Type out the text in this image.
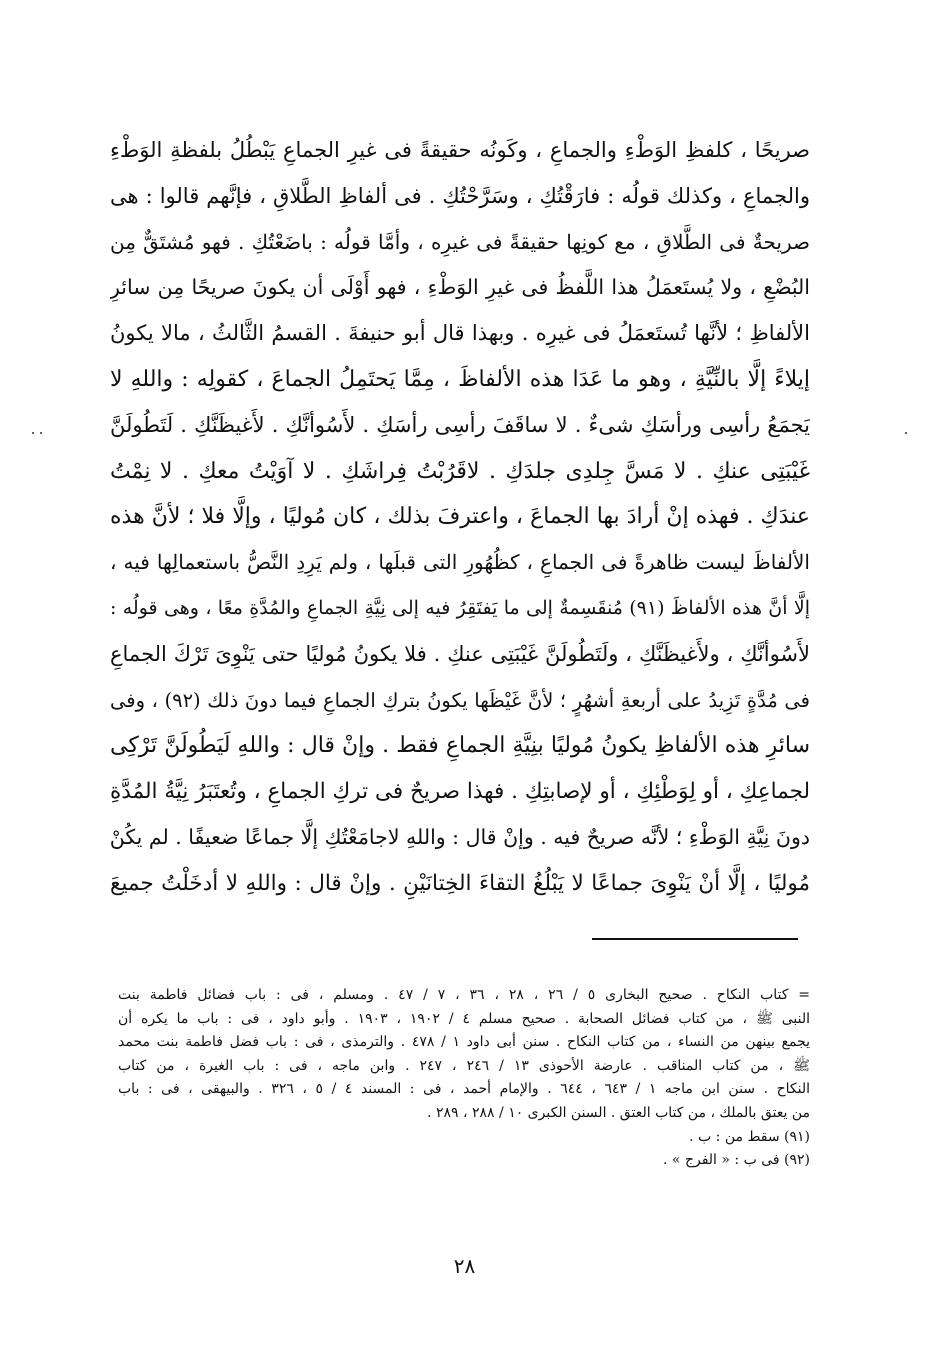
صريحًا ، كلفظِ الوَطْءِ والجماعِ ، وكَونُه حقيقةً فى غيرِ الجماعِ يَبْطُلُ بلفظةِ الوَطْءِ
والجماعِ ، وكذلك قولُه : فارَقْتُكِ ، وسَرَّحْتُكِ . فى ألفاظِ الطَّلاقِ ، فإنَّهم قالوا : هى
صريحةٌ فى الطَّلاقِ ، مع كونِها حقيقةً فى غيرِه ، وأمَّا قولُه : باضَعْتُكِ . فهو مُشتَقٌّ مِن
البُضْعِ ، ولا يُستَعمَلُ هذا اللَّفظُ فى غيرِ الوَطْءِ ، فهو أَوْلَى أن يكونَ صريحًا مِن سائرِ
الألفاظِ ؛ لأنَّها تُستَعمَلُ فى غيرِه . وبهذا قال أبو حنيفةَ . القسمُ الثَّالثُ ، مالا يكونُ
إيلاءً إلَّا بالنِّيَّةِ ، وهو ما عَدَا هذه الألفاظَ ، مِمَّا يَحتَمِلُ الجماعَ ، كقولِه : واللهِ لا
يَجمَعُ رأسِى ورأسَكِ شىءٌ . لا ساقَفَ رأسِى رأسَكِ . لأَسُوأنَّكِ . لأَغيظَنَّكِ . لَتَطُولَنَّ
غَيْبَتِى عنكِ . لا مَسَّ جِلدِى جلدَكِ . لاقَرُبْتُ فِراشَكِ . لا آوَيْتُ معكِ . لا نِمْتُ
عندَكِ . فهذه إنْ أرادَ بها الجماعَ ، واعترفَ بذلك ، كان مُوليًا ، وإلَّا فلا ؛ لأنَّ هذه
الألفاظَ ليست ظاهرةً فى الجماعِ ، كظُهُورِ التى قبلَها ، ولم يَرِدِ النَّصُّ باستعمالِها فيه ،
إلَّا أنَّ هذه الألفاظَ (٩١) مُنقَسِمةٌ إلى ما يَفتَقِرُ فيه إلى نِيَّةِ الجماعِ والمُدَّةِ معًا ، وهى قولُه :
لأَسُوأنَّكِ ، ولأَغيظَنَّكِ ، ولَتَطُولَنَّ غَيْبَتِى عنكِ . فلا يكونُ مُوليًا حتى يَنْوِىَ تَرْكَ الجماعِ
فى مُدَّةٍ تَزِيدُ على أربعةِ أشهُرٍ ؛ لأنَّ غَيْظَها يكونُ بتركِ الجماعِ فيما دونَ ذلك (٩٢) ، وفى
سائرِ هذه الألفاظِ يكونُ مُوليًا بنِيَّةِ الجماعِ فقط . وإنْ قال : واللهِ لَيَطُولَنَّ تَرْكِى
لجماعِكِ ، أو لِوَطْئِكِ ، أو لإصابتِكِ . فهذا صريحٌ فى تركِ الجماعِ ، وتُعتَبَرُ نِيَّةُ المُدَّةِ
دونَ نِيَّةِ الوَطْءِ ؛ لأنَّه صريحٌ فيه . وإنْ قال : واللهِ لاجامَعْتُكِ إلَّا جماعًا ضعيفًا . لم يكُنْ
مُوليًا ، إلَّا أنْ يَنْوِىَ جماعًا لا يَبْلُغُ التقاءَ الخِتانَيْنِ . وإنْ قال : واللهِ لا أدخَلْتُ جميعَ
= كتاب النكاح . صحيح البخارى ٥ / ٢٦ ، ٢٨ ، ٣٦ ، ٧ / ٤٧ . ومسلم ، فى : باب فضائل فاطمة بنت
النبى ﷺ ، من كتاب فضائل الصحابة . صحيح مسلم ٤ / ١٩٠٢ ، ١٩٠٣ . وأبو داود ، فى : باب ما يكره أن
يجمع بينهن من النساء ، من كتاب النكاح . سنن أبى داود ١ / ٤٧٨ . والترمذى ، فى : باب فضل فاطمة بنت محمد
ﷺ ، من كتاب المناقب . عارضة الأحوذى ١٣ / ٢٤٦ ، ٢٤٧ . وابن ماجه ، فى : باب الغيرة ، من كتاب
النكاح . سنن ابن ماجه ١ / ٦٤٣ ، ٦٤٤ . والإمام أحمد ، فى : المسند ٤ / ٥ ، ٣٢٦ . والبيهقى ، فى : باب
من يعتق بالملك ، من كتاب العتق . السنن الكبرى ١٠ / ٢٨٨ ، ٢٨٩ .
(٩١) سقط من : ب .
(٩٢) فى ب : « الفرج » .
٢٨
